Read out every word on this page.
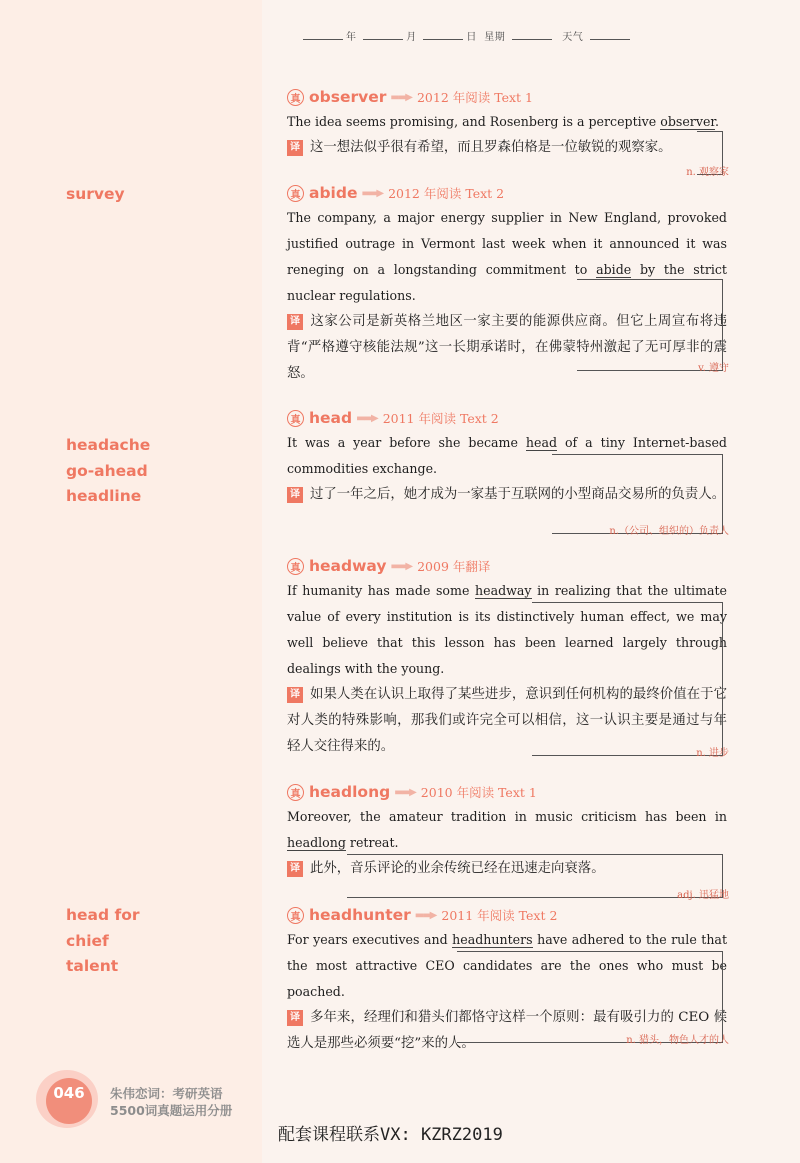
年	月	日 星期	天气
survey
headache
go-ahead
headline
head for
chief
talent
真 observer ▬▬▶ 2012 年阅读 Text 1
The idea seems promising, and Rosenberg is a perceptive observer.
译 这一想法似乎很有希望，而且罗森伯格是一位敏锐的观察家。
n. 观察家
真 abide ▬▬▶ 2012 年阅读 Text 2
The company, a major energy supplier in New England, provoked justified outrage in Vermont last week when it announced it was reneging on a longstanding commitment to abide by the strict nuclear regulations.
译 这家公司是新英格兰地区一家主要的能源供应商。但它上周宣布将违背“严格遵守核能法规”这一长期承诺时，在佛蒙特州激起了无可厚非的震怒。	v. 遵守
真 head ▬▬▶ 2011 年阅读 Text 2
It was a year before she became head of a tiny Internet-based commodities exchange.
译 过了一年之后，她才成为一家基于互联网的小型商品交易所的负责人。
n.（公司、组织的）负责人
真 headway ▬▬▶ 2009 年翻译
If humanity has made some headway in realizing that the ultimate value of every institution is its distinctively human effect, we may well believe that this lesson has been learned largely through dealings with the young.
译 如果人类在认识上取得了某些进步，意识到任何机构的最终价值在于它对人类的特殊影响，那我们或许完全可以相信，这一认识主要是通过与年轻人交往得来的。	n. 进步
真 headlong ▬▬▶ 2010 年阅读 Text 1
Moreover, the amateur tradition in music criticism has been in headlong retreat.
译 此外，音乐评论的业余传统已经在迅速走向衰落。
adj. 迅猛地
真 headhunter ▬▬▶ 2011 年阅读 Text 2
For years executives and headhunters have adhered to the rule that the most attractive CEO candidates are the ones who must be poached.
译 多年来，经理们和猎头们都恪守这样一个原则：最有吸引力的 CEO 候选人是那些必须要“挖”来的人。	n. 猎头，物色人才的人
046	朱伟恋词：考研英语
5500词真题运用分册
配套课程联系VX: KZRZ2019
